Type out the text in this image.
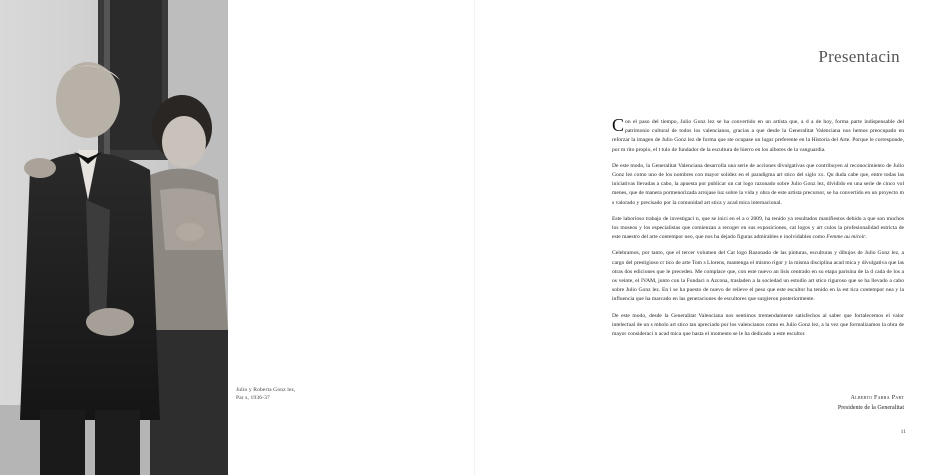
Julio y Roberta Gonz lez,
Par s, 1936-37
Presentacin

Con el paso del tiempo, Julio Gonz lez se ha convertido en un artista que, a d a de hoy, forma parte indispensable del patrimonio cultural de todos los valencianos, gracias a que desde la Generalitat Valenciana nos hemos preocupado en reforzar la imagen de Julio Gonz lez de forma que ste ocupase un lugar preferente en la Historia del Arte. Porque le corresponde, por m rito propio, el t tulo de fundador de la escultura de hierro en los albores de la vanguardia.

De este modo, la Generalitat Valenciana desarrolla una serie de acciones divulgativas que contribuyen al reconocimiento de Julio Gonz lez como uno de los nombres con mayor solidez en el paradigma art stico del siglo xx. Qu duda cabe que, entre todas las iniciativas llevadas a cabo, la apuesta por publicar un cat logo razonado sobre Julio Gonz lez, dividido en una serie de cinco vol menes, que de manera pormenorizada arrojase luz sobre la vida y obra de este artista precursor, se ha convertido en un proyecto m s valorado y precisado por la comunidad art stica y acad mica internacional.

Este laborioso trabajo de investigaci n, que se inici en el a o 2009, ha tenido ya resultados manifiestos debido a que son muchos los museos y los especialistas que comienzan a recoger en sus exposiciones, cat logos y art culos la profesionalidad estricta de este maestro del arte contempor neo, que nos ha dejado figuras admirables e inolvidables como Femme au miroir.

Celebramos, por tanto, que el tercer volumen del Cat logo Razonado de las pinturas, esculturas y dibujos de Julio Gonz lez, a cargo del prestigioso cr tico de arte Tom s Llorens, mantenga el mismo rigor y la misma disciplina acad mica y divulgativa que las otras dos ediciones que le preceden. Me complace que, con este nuevo an lisis centrado en su etapa parisina de la d cada de los a os veinte, el IVAM, junto con la Fundaci n Azcona, trasladen a la sociedad un estudio art stico riguroso que se ha llevado a cabo sobre Julio Gonz lez. En l se ha puesto de nuevo de relieve el peso que este escultor ha tenido en la est tica contempor nea y la influencia que ha marcado en las generaciones de escultores que surgieron posteriormente.

De este modo, desde la Generalitat Valenciana nos sentimos tremendamente satisfechos al saber que fortalecemos el valor intelectual de un s mbolo art stico tan apreciado por los valencianos como es Julio Gonz lez, a la vez que formalizamos la obra de mayor consideraci n acad mica que hasta el momento se le ha dedicado a este escultor.

Alberto Fabra Part
Presidente de la Generalitat
11
